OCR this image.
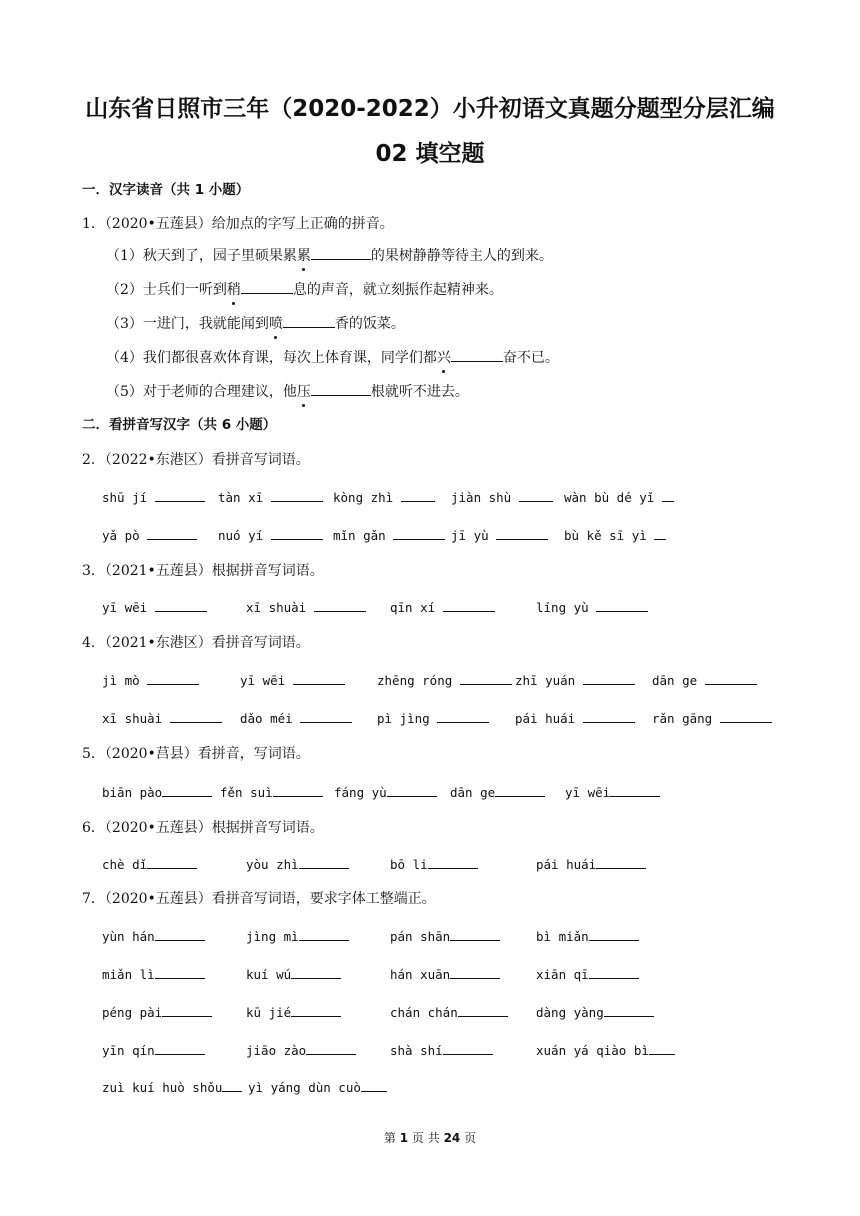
山东省日照市三年（2020-2022）小升初语文真题分题型分层汇编
02 填空题
一．汉字读音（共 1 小题）
1．（2020•五莲县）给加点的字写上正确的拼音。
（1）秋天到了，园子里硕果累累	的果树静静等待主人的到来。
（2）士兵们一听到稍	息的声音，就立刻振作起精神来。
（3）一进门，我就能闻到喷	香的饭菜。
（4）我们都很喜欢体育课，每次上体育课，同学们都兴	奋不已。
（5）对于老师的合理建议，他压	根就听不进去。
二．看拼音写汉字（共 6 小题）
2．（2022•东港区）看拼音写词语。
shū jí	tàn xī	kòng zhì	jiàn shù	wàn bù dé yǐ
yǎ pò	nuó yí	mǐn gǎn	jī yù	bù kě sī yì
3．（2021•五莲县）根据拼音写词语。
yī wēi	xī shuài	qīn xí	líng yù
4．（2021•东港区）看拼音写词语。
jì mò	yī wēi	zhēng róng	zhī yuán	dān ge
xī shuài	dǎo méi	pì jìng	pái huái	rǎn gāng
5．（2020•莒县）看拼音，写词语。
biān pào	fěn suì	fáng yù	dān ge	yī wēi
6．（2020•五莲县）根据拼音写词语。
chè dǐ	yòu zhì	bō li	pái huái
7．（2020•五莲县）看拼音写词语，要求字体工整端正。
yùn hán	jìng mì	pán shān	bì miǎn
miǎn lì	kuí wú	hán xuān	xiān qī
péng pài	kū jié	chán chán	dàng yàng
yīn qín	jiāo zào	shà shí	xuán yá qiào bì
zuì kuí huò shǒu	yì yáng dùn cuò
第 1 页 共 24 页
